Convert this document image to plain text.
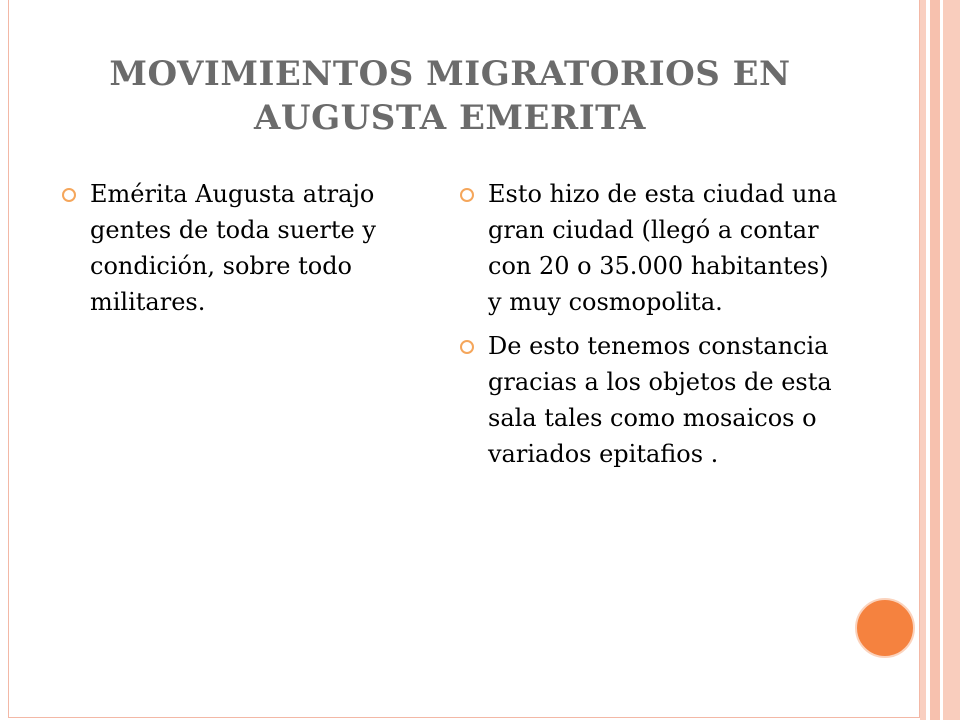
MOVIMIENTOS MIGRATORIOS EN AUGUSTA EMERITA
Emérita Augusta atrajo gentes de toda suerte y condición, sobre todo militares.
Esto hizo de esta ciudad una gran ciudad (llegó a contar con 20 o 35.000 habitantes) y muy cosmopolita.
De esto tenemos constancia gracias a los objetos de esta sala tales como mosaicos o variados epitafios .
